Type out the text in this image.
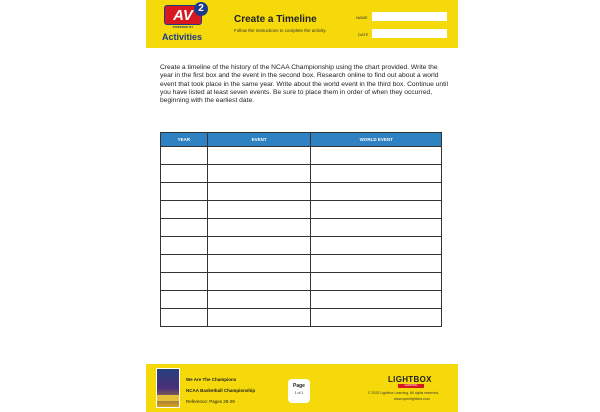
AV 2
POWERED BY
Activities
Create a Timeline
Follow the instructions to complete the activity.
NAME
DATE
Create a timeline of the history of the NCAA Championship using the chart provided. Write the year in the first box and the event in the second box. Research online to find out about a world event that took place in the same year. Write about the world event in the third box. Continue until you have listed at least seven events. Be sure to place them in order of when they occurred, beginning with the earliest date.
YEAR	EVENT	WORLD EVENT

We Are The Champions
NCAA Basketball Championship
Reference: Pages 28-29
Page
1 of 1
LIGHTBOX
LEARNING
© 2020 Lightbox Learning. All rights reserved.
www.openlightbox.com
